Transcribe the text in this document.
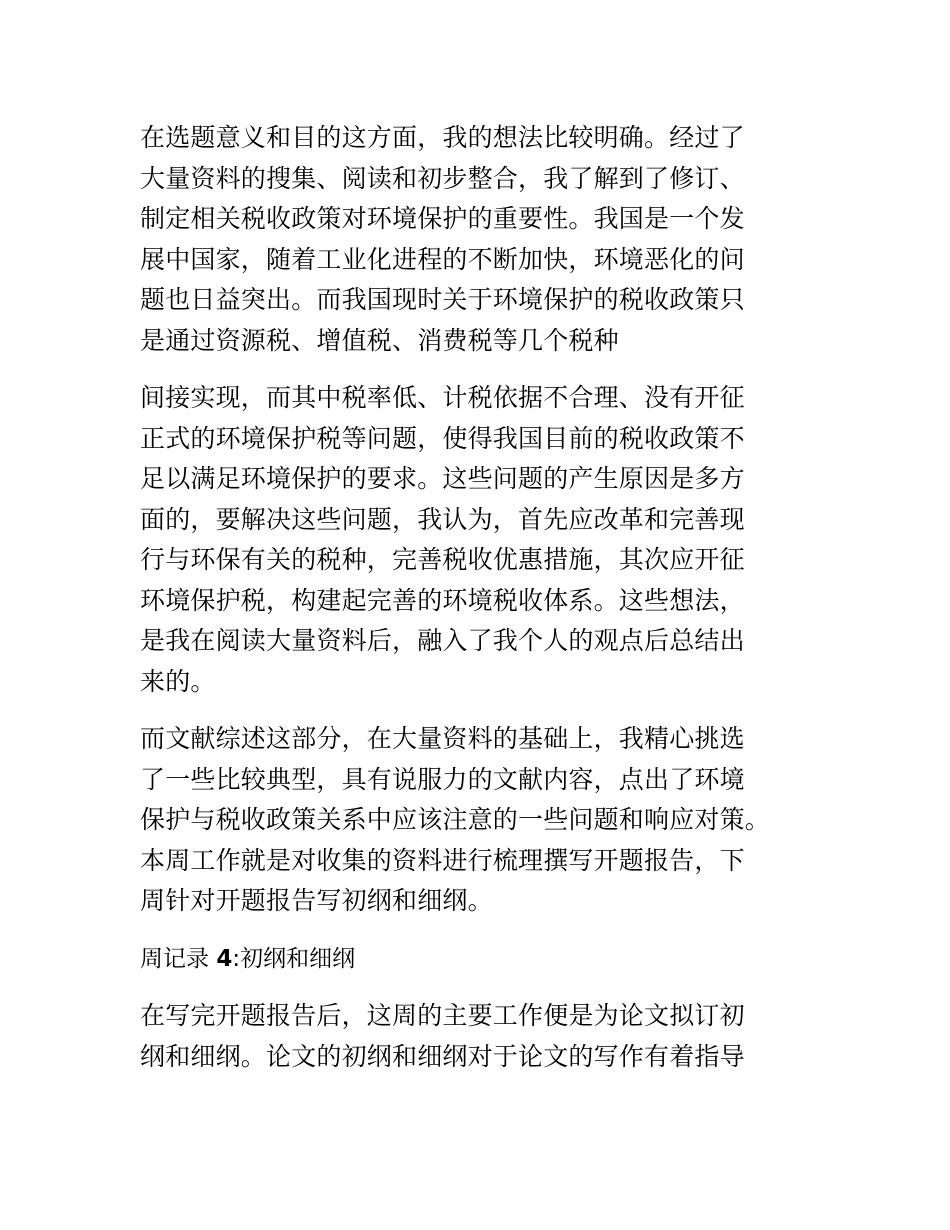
在选题意义和目的这方面，我的想法比较明确。经过了
大量资料的搜集、阅读和初步整合，我了解到了修订、
制定相关税收政策对环境保护的重要性。我国是一个发
展中国家，随着工业化进程的不断加快，环境恶化的问
题也日益突出。而我国现时关于环境保护的税收政策只
是通过资源税、增值税、消费税等几个税种

间接实现，而其中税率低、计税依据不合理、没有开征
正式的环境保护税等问题，使得我国目前的税收政策不
足以满足环境保护的要求。这些问题的产生原因是多方
面的，要解决这些问题，我认为，首先应改革和完善现
行与环保有关的税种，完善税收优惠措施，其次应开征
环境保护税，构建起完善的环境税收体系。这些想法，
是我在阅读大量资料后，融入了我个人的观点后总结出
来的。

而文献综述这部分，在大量资料的基础上，我精心挑选
了一些比较典型，具有说服力的文献内容，点出了环境
保护与税收政策关系中应该注意的一些问题和响应对策。
本周工作就是对收集的资料进行梳理撰写开题报告，下
周针对开题报告写初纲和细纲。

周记录 4:初纲和细纲

在写完开题报告后，这周的主要工作便是为论文拟订初
纲和细纲。论文的初纲和细纲对于论文的写作有着指导
